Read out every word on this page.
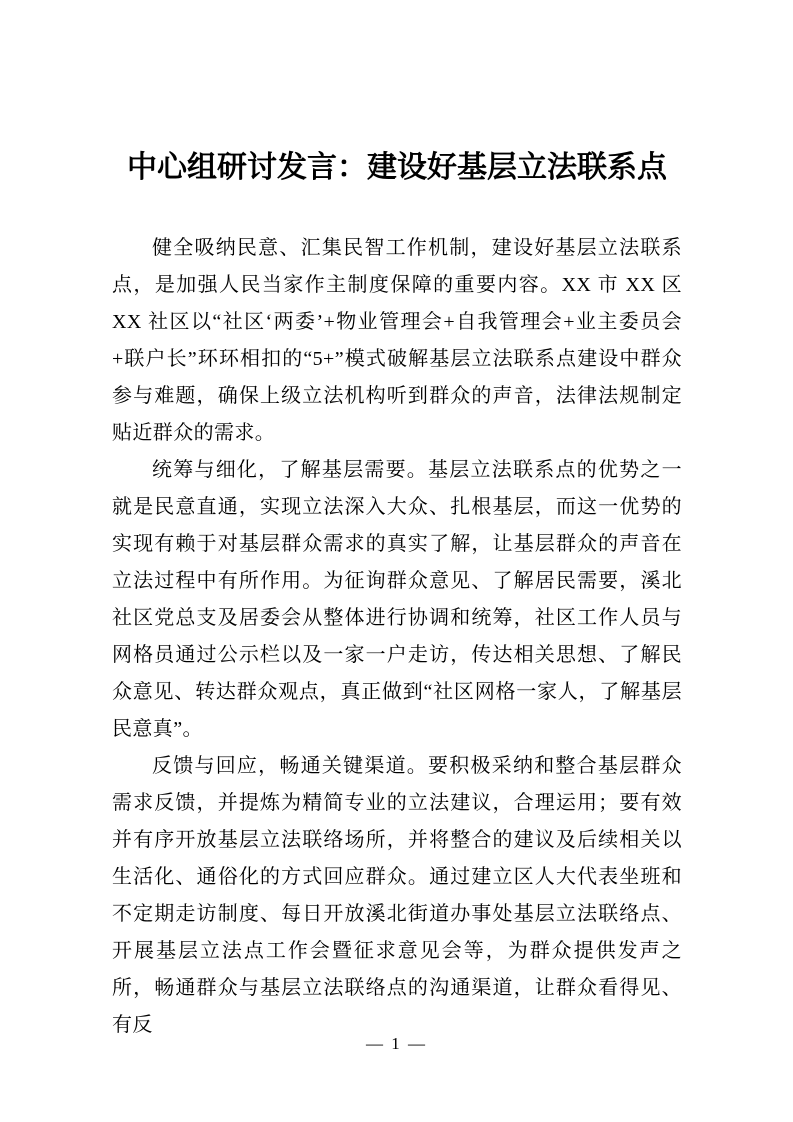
中心组研讨发言：建设好基层立法联系点

健全吸纳民意、汇集民智工作机制，建设好基层立法联系点，是加强人民当家作主制度保障的重要内容。XX 市 XX 区 XX 社区以“社区‘两委’+物业管理会+自我管理会+业主委员会+联户长”环环相扣的“5+”模式破解基层立法联系点建设中群众参与难题，确保上级立法机构听到群众的声音，法律法规制定贴近群众的需求。

统筹与细化，了解基层需要。基层立法联系点的优势之一就是民意直通，实现立法深入大众、扎根基层，而这一优势的实现有赖于对基层群众需求的真实了解，让基层群众的声音在立法过程中有所作用。为征询群众意见、了解居民需要，溪北社区党总支及居委会从整体进行协调和统筹，社区工作人员与网格员通过公示栏以及一家一户走访，传达相关思想、了解民众意见、转达群众观点，真正做到“社区网格一家人，了解基层民意真”。

反馈与回应，畅通关键渠道。要积极采纳和整合基层群众需求反馈，并提炼为精简专业的立法建议，合理运用；要有效并有序开放基层立法联络场所，并将整合的建议及后续相关以生活化、通俗化的方式回应群众。通过建立区人大代表坐班和不定期走访制度、每日开放溪北街道办事处基层立法联络点、开展基层立法点工作会暨征求意见会等，为群众提供发声之所，畅通群众与基层立法联络点的沟通渠道，让群众看得见、有反

— 1 —
